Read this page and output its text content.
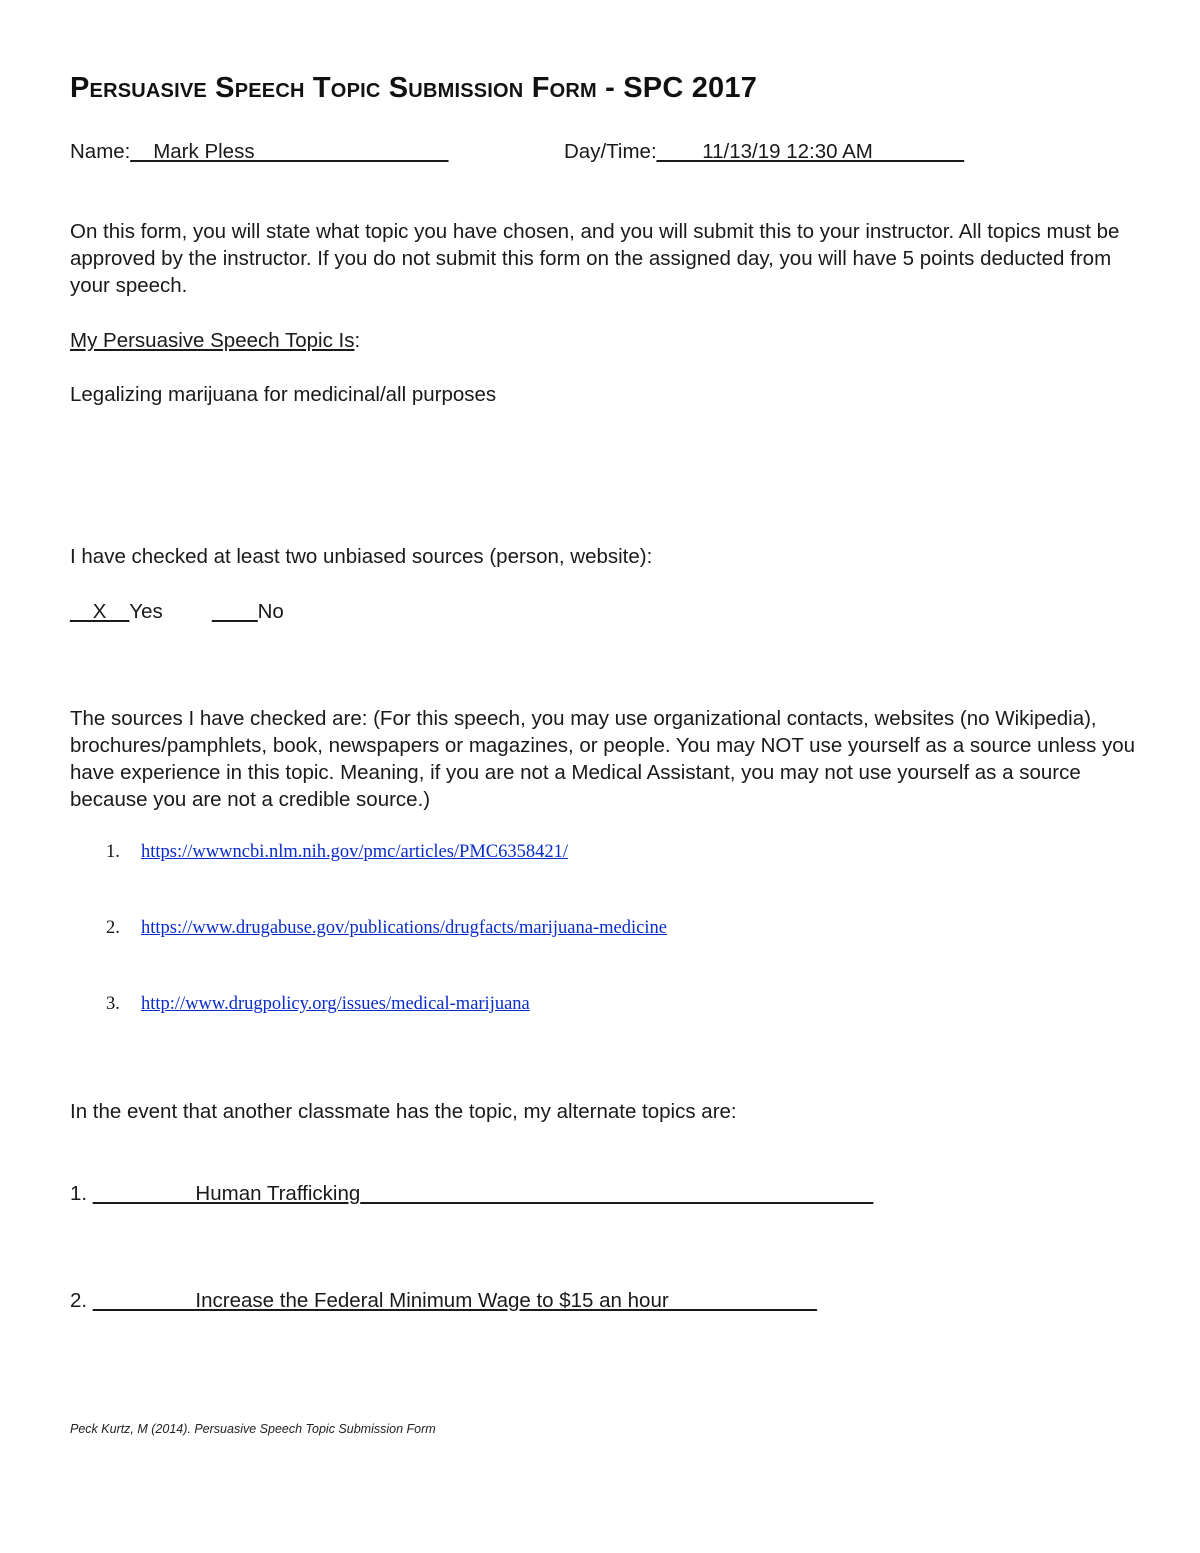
Persuasive Speech Topic Submission Form - SPC 2017
Name:__Mark Pless_________________	Day/Time:____11/13/19 12:30 AM________
On this form, you will state what topic you have chosen, and you will submit this to your instructor. All topics must be approved by the instructor. If you do not submit this form on the assigned day, you will have 5 points deducted from your speech.
My Persuasive Speech Topic Is:
Legalizing marijuana for medicinal/all purposes
I have checked at least two unbiased sources (person, website):
__X__Yes ____No
The sources I have checked are: (For this speech, you may use organizational contacts, websites (no Wikipedia), brochures/pamphlets, book, newspapers or magazines, or people. You may NOT use yourself as a source unless you have experience in this topic. Meaning, if you are not a Medical Assistant, you may not use yourself as a source because you are not a credible source.)
1. https://wwwncbi.nlm.nih.gov/pmc/articles/PMC6358421/
2. https://www.drugabuse.gov/publications/drugfacts/marijuana-medicine
3. http://www.drugpolicy.org/issues/medical-marijuana
In the event that another classmate has the topic, my alternate topics are:
1. _________Human Trafficking_____________________________________________
2. _________Increase the Federal Minimum Wage to $15 an hour_____________
Peck Kurtz, M (2014). Persuasive Speech Topic Submission Form
